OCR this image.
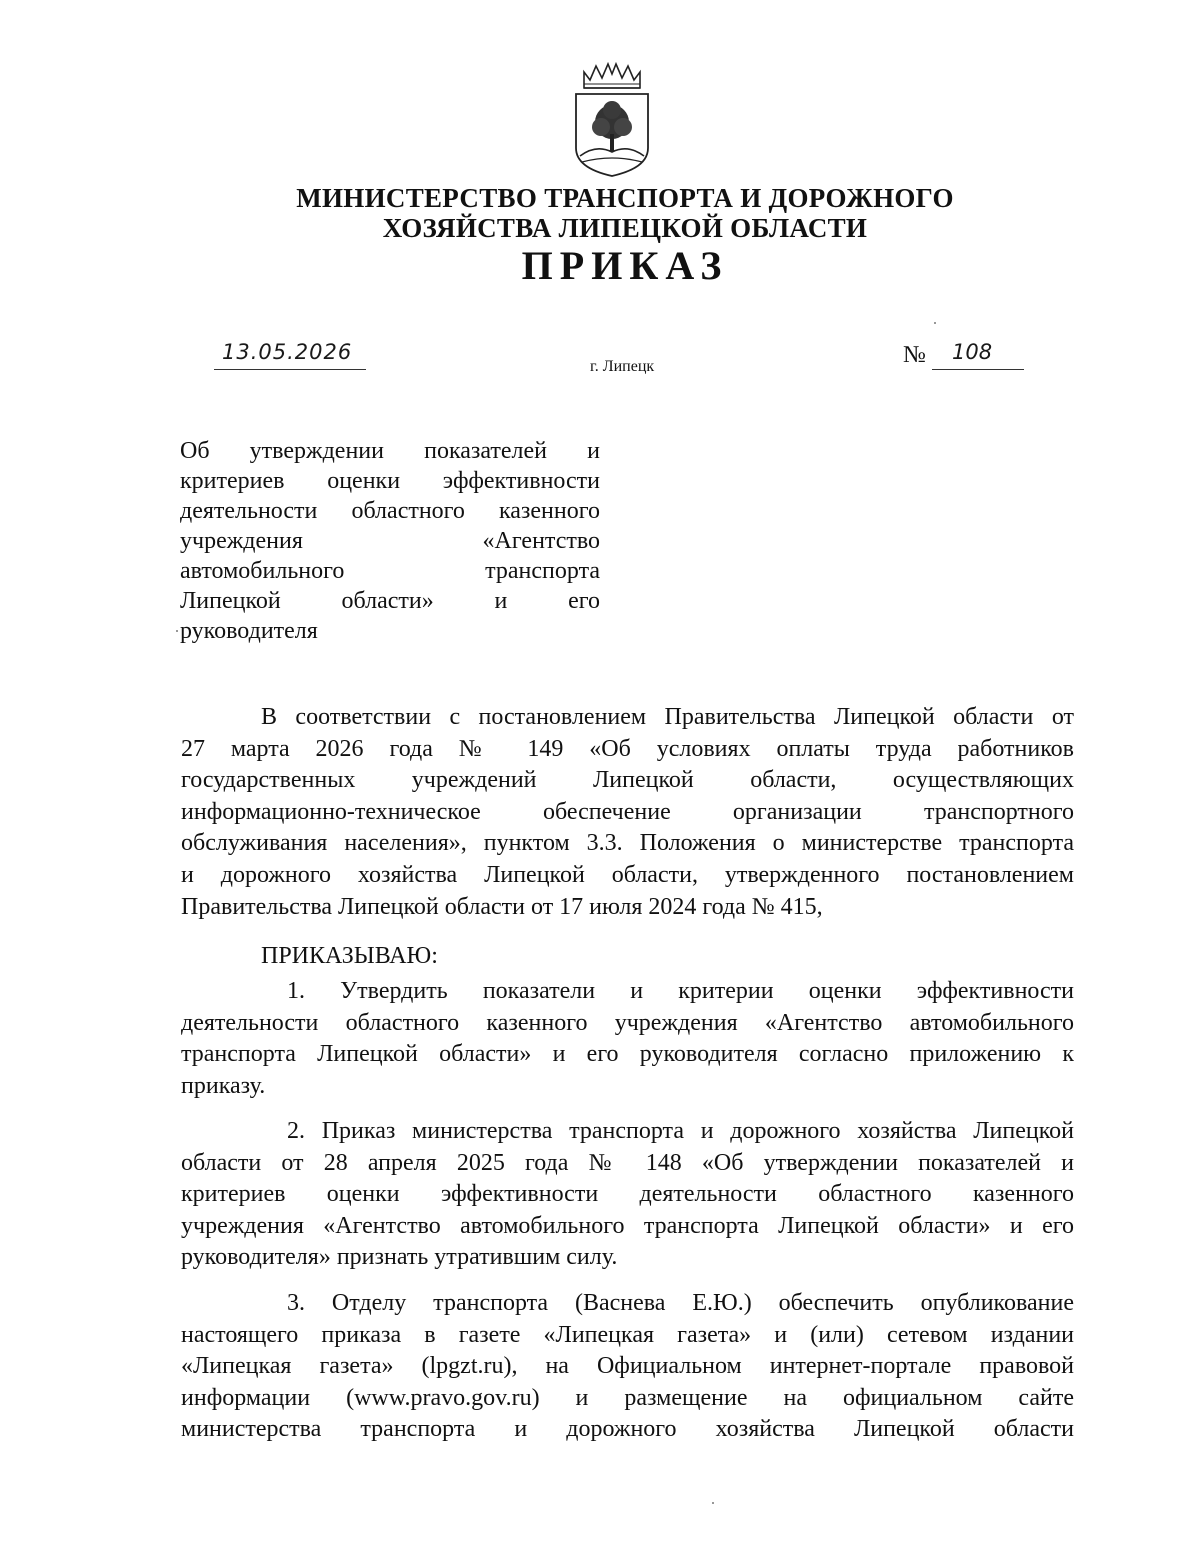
МИНИСТЕРСТВО ТРАНСПОРТА И ДОРОЖНОГО
ХОЗЯЙСТВА ЛИПЕЦКОЙ ОБЛАСТИ
ПРИКАЗ
13.05.2026
г. Липецк	№ 108
Об утверждении показателей и
критериев оценки эффективности
деятельности областного казенного
учреждения «Агентство
автомобильного транспорта
Липецкой области» и его
руководителя
В соответствии с постановлением Правительства Липецкой области от
27 марта 2026 года № 149 «Об условиях оплаты труда работников
государственных учреждений Липецкой области, осуществляющих
информационно-техническое обеспечение организации транспортного
обслуживания населения», пунктом 3.3. Положения о министерстве транспорта
и дорожного хозяйства Липецкой области, утвержденного постановлением
Правительства Липецкой области от 17 июля 2024 года № 415,
ПРИКАЗЫВАЮ:
1. Утвердить показатели и критерии оценки эффективности
деятельности областного казенного учреждения «Агентство автомобильного
транспорта Липецкой области» и его руководителя согласно приложению к
приказу.
2. Приказ министерства транспорта и дорожного хозяйства Липецкой
области от 28 апреля 2025 года № 148 «Об утверждении показателей и
критериев оценки эффективности деятельности областного казенного
учреждения «Агентство автомобильного транспорта Липецкой области» и его
руководителя» признать утратившим силу.
3. Отделу транспорта (Васнева Е.Ю.) обеспечить опубликование
настоящего приказа в газете «Липецкая газета» и (или) сетевом издании
«Липецкая газета» (lpgzt.ru), на Официальном интернет-портале правовой
информации (www.pravo.gov.ru) и размещение на официальном сайте
министерства транспорта и дорожного хозяйства Липецкой области
